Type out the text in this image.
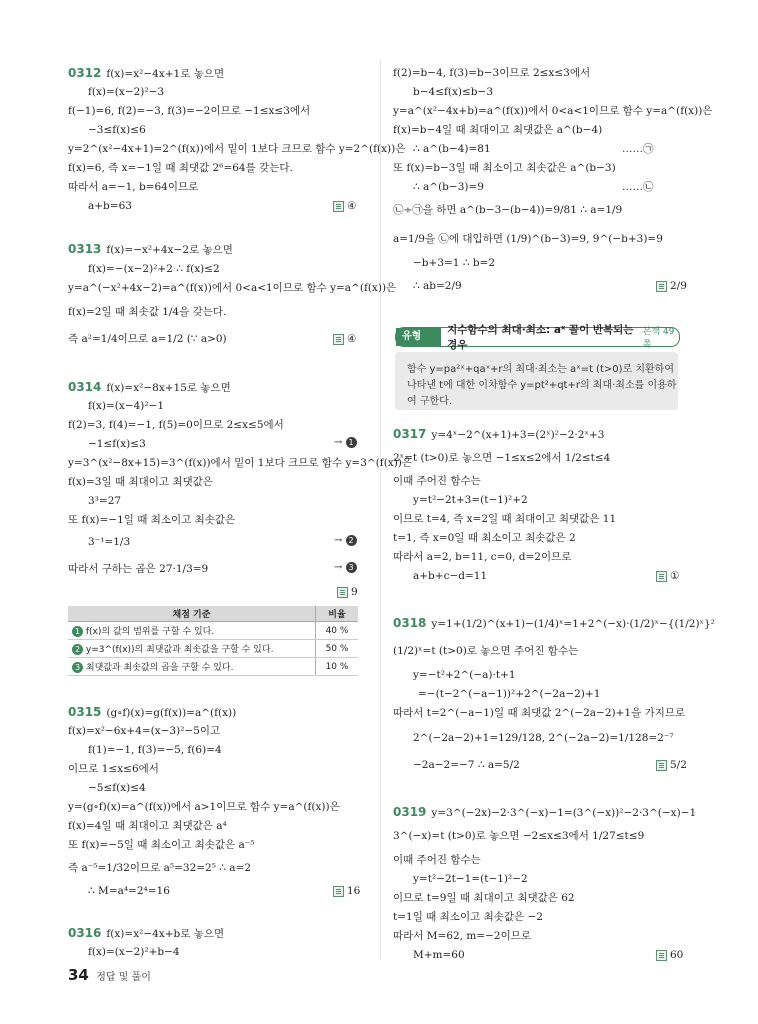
0312 f(x)=x²−4x+1로 놓으면
f(x)=(x−2)²−3
f(−1)=6, f(2)=−3, f(3)=−2이므로 −1≤x≤3에서
−3≤f(x)≤6
y=2^(x²−4x+1)=2^(f(x))에서 밑이 1보다 크므로 함수 y=2^(f(x))은
f(x)=6, 즉 x=−1일 때 최댓값 2⁶=64를 갖는다.
따라서 a=−1, b=64이므로
a+b=63	④
0313 f(x)=−x²+4x−2로 놓으면
f(x)=−(x−2)²+2 ∴ f(x)≤2
y=a^(−x²+4x−2)=a^(f(x))에서 0<a<1이므로 함수 y=a^(f(x))은
f(x)=2일 때 최솟값 1/4을 갖는다.
즉 a²=1/4이므로 a=1/2 (∵ a>0)	④
0314 f(x)=x²−8x+15로 놓으면
f(x)=(x−4)²−1
f(2)=3, f(4)=−1, f(5)=0이므로 2≤x≤5에서
−1≤f(x)≤3	→ 1
y=3^(x²−8x+15)=3^(f(x))에서 밑이 1보다 크므로 함수 y=3^(f(x))은
f(x)=3일 때 최대이고 최댓값은
3³=27
또 f(x)=−1일 때 최소이고 최솟값은
3⁻¹=1/3	→ 2
따라서 구하는 곱은 27·1/3=9	→ 3
9
채점 기준	비율
1 f(x)의 값의 범위를 구할 수 있다.	40 %
2 y=3^(f(x))의 최댓값과 최솟값을 구할 수 있다.	50 %
3 최댓값과 최솟값의 곱을 구할 수 있다.	10 %
0315 (g∘f)(x)=g(f(x))=a^(f(x))
f(x)=x²−6x+4=(x−3)²−5이고
f(1)=−1, f(3)=−5, f(6)=4
이므로 1≤x≤6에서
−5≤f(x)≤4
y=(g∘f)(x)=a^(f(x))에서 a>1이므로 함수 y=a^(f(x))은
f(x)=4일 때 최대이고 최댓값은 a⁴
또 f(x)=−5일 때 최소이고 최솟값은 a⁻⁵
즉 a⁻⁵=1/32이므로 a⁵=32=2⁵ ∴ a=2
∴ M=a⁴=2⁴=16	16
0316 f(x)=x²−4x+b로 놓으면
f(x)=(x−2)²+b−4
f(2)=b−4, f(3)=b−3이므로 2≤x≤3에서
b−4≤f(x)≤b−3
y=a^(x²−4x+b)=a^(f(x))에서 0<a<1이므로 함수 y=a^(f(x))은
f(x)=b−4일 때 최대이고 최댓값은 a^(b−4)
∴ a^(b−4)=81	……㉠
또 f(x)=b−3일 때 최소이고 최솟값은 a^(b−3)
∴ a^(b−3)=9	……㉡
㉡÷㉠을 하면 a^(b−3−(b−4))=9/81 ∴ a=1/9
a=1/9을 ㉡에 대입하면 (1/9)^(b−3)=9, 9^(−b+3)=9
−b+3=1 ∴ b=2
∴ ab=2/9	2/9
유형
지수함수의 최대·최소: aˣ 꼴이 반복되는 경우
본책 49쪽
함수 y=pa²ˣ+qaˣ+r의 최대·최소는 aˣ=t (t>0)로 치환하여
나타낸 t에 대한 이차함수 y=pt²+qt+r의 최대·최소를 이용하
여 구한다.
0317 y=4ˣ−2^(x+1)+3=(2ˣ)²−2·2ˣ+3
2ˣ=t (t>0)로 놓으면 −1≤x≤2에서 1/2≤t≤4
이때 주어진 함수는
y=t²−2t+3=(t−1)²+2
이므로 t=4, 즉 x=2일 때 최대이고 최댓값은 11
t=1, 즉 x=0일 때 최소이고 최솟값은 2
따라서 a=2, b=11, c=0, d=2이므로
a+b+c−d=11	①
0318 y=1+(1/2)^(x+1)−(1/4)ˣ=1+2^(−x)·(1/2)ˣ−{(1/2)ˣ}²
(1/2)ˣ=t (t>0)로 놓으면 주어진 함수는
y=−t²+2^(−a)·t+1
=−(t−2^(−a−1))²+2^(−2a−2)+1
따라서 t=2^(−a−1)일 때 최댓값 2^(−2a−2)+1을 가지므로
2^(−2a−2)+1=129/128, 2^(−2a−2)=1/128=2⁻⁷
−2a−2=−7 ∴ a=5/2	5/2
0319 y=3^(−2x)−2·3^(−x)−1=(3^(−x))²−2·3^(−x)−1
3^(−x)=t (t>0)로 놓으면 −2≤x≤3에서 1/27≤t≤9
이때 주어진 함수는
y=t²−2t−1=(t−1)²−2
이므로 t=9일 때 최대이고 최댓값은 62
t=1일 때 최소이고 최솟값은 −2
따라서 M=62, m=−2이므로
M+m=60	60
34 정답 및 풀이
